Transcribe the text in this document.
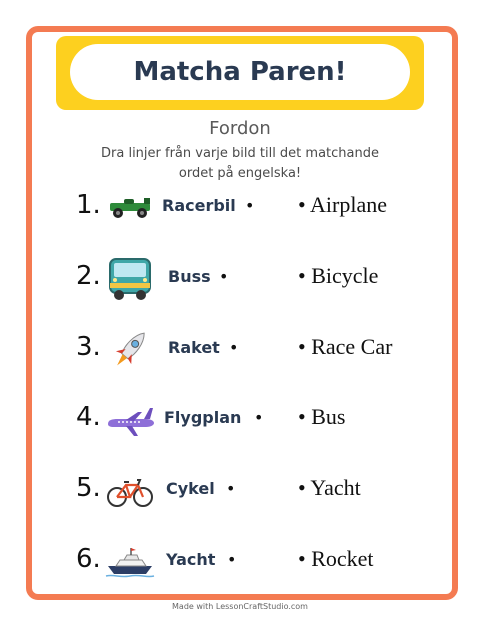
Matcha Paren!
Fordon
Dra linjer från varje bild till det matchande
ordet på engelska!
1.	Racerbil • • Airplane
2.	Buss •	• Bicycle
3.	Raket •	• Race Car
4.	Flygplan • • Bus
5.	Cykel •	• Yacht
6.	Yacht •	• Rocket
Made with LessonCraftStudio.com
